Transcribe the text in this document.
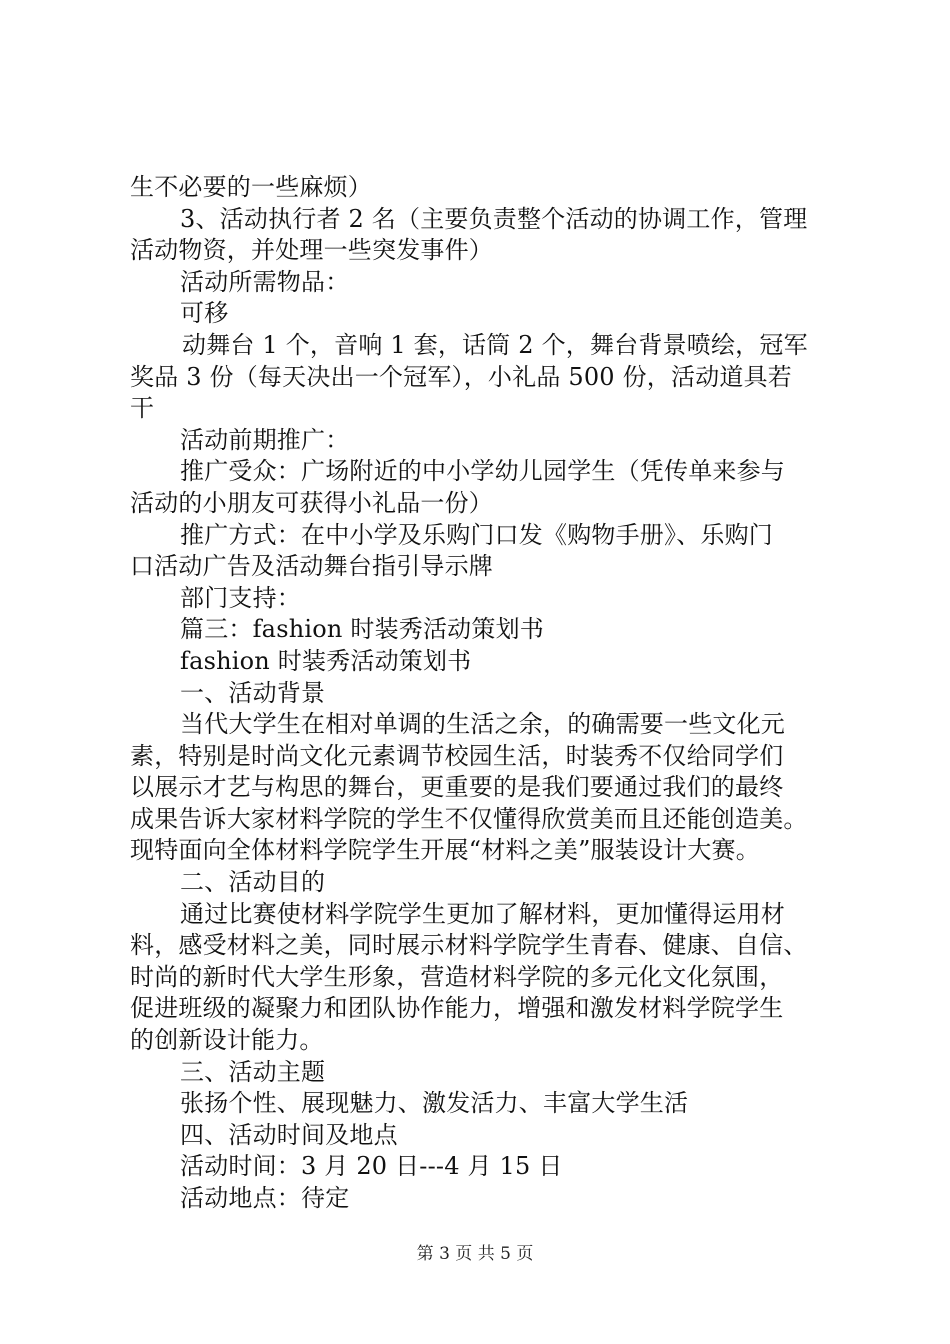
生不必要的一些麻烦）
3、活动执行者 2 名（主要负责整个活动的协调工作，管理
活动物资，并处理一些突发事件）
活动所需物品：
可移
动舞台 1 个，音响 1 套，话筒 2 个，舞台背景喷绘，冠军
奖品 3 份（每天决出一个冠军），小礼品 500 份，活动道具若
干
活动前期推广：
推广受众：广场附近的中小学幼儿园学生（凭传单来参与
活动的小朋友可获得小礼品一份）
推广方式：在中小学及乐购门口发《购物手册》、乐购门
口活动广告及活动舞台指引导示牌
部门支持：
篇三：fashion 时装秀活动策划书
fashion 时装秀活动策划书
一、活动背景
当代大学生在相对单调的生活之余，的确需要一些文化元
素，特别是时尚文化元素调节校园生活，时装秀不仅给同学们
以展示才艺与构思的舞台，更重要的是我们要通过我们的最终
成果告诉大家材料学院的学生不仅懂得欣赏美而且还能创造美。
现特面向全体材料学院学生开展“材料之美”服装设计大赛。
二、活动目的
通过比赛使材料学院学生更加了解材料，更加懂得运用材
料，感受材料之美，同时展示材料学院学生青春、健康、自信、
时尚的新时代大学生形象，营造材料学院的多元化文化氛围，
促进班级的凝聚力和团队协作能力，增强和激发材料学院学生
的创新设计能力。
三、活动主题
张扬个性、展现魅力、激发活力、丰富大学生活
四、活动时间及地点
活动时间：3 月 20 日---4 月 15 日
活动地点：待定
第 3 页 共 5 页
